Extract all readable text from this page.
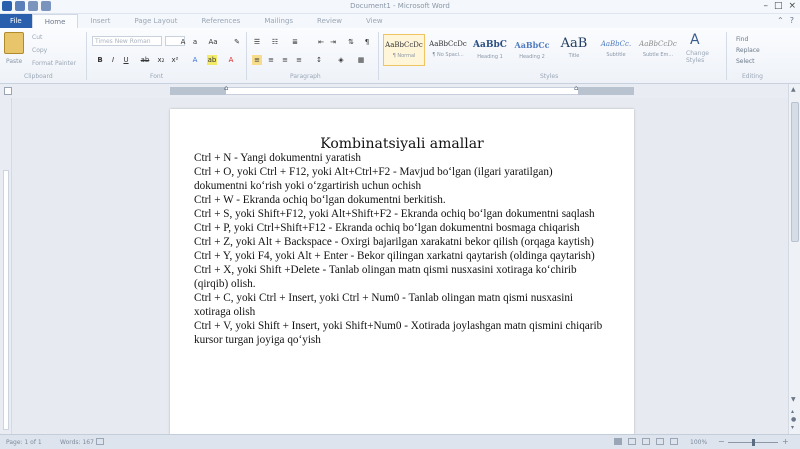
Document1 - Microsoft Word	– □ ×
File	Home	Insert	Page Layout	References	Mailings	Review	View	⌃ ?
Paste
Cut
Copy
Format Painter
Clipboard
Times New Roman	A	a	Aa ✎
B	I	U	ab x₂ x²	A	ab	A
Font
☰ ☷ ≣	⇤ ⇥ ⇅	¶
≡ ≡ ≡ ≡ ↕	◈	▦
Paragraph
AaBbCcDc
¶ Normal
AaBbCcDc
¶ No Spaci...
AaBbC
Heading 1
AaBbCc
Heading 2
AaB
Title
AaBbCc.
Subtitle
AaBbCcDc
Subtle Em...
A
Change Styles
Styles
Find
Replace
Select
Editing
⌂	⌂
Kombinatsiyali amallar
Ctrl + N - Yangi dokumentni yaratish
Ctrl + O, yoki Ctrl + F12, yoki Alt+Ctrl+F2 - Mavjud bo‘lgan (ilgari yaratilgan) dokumentni ko‘rish yoki o‘zgartirish uchun ochish
Ctrl + W - Ekranda ochiq bo‘lgan dokumentni berkitish.
Ctrl + S, yoki Shift+F12, yoki Alt+Shift+F2 - Ekranda ochiq bo‘lgan dokumentni saqlash
Ctrl + P, yoki Ctrl+Shift+F12 - Ekranda ochiq bo‘lgan dokumentni bosmaga chiqarish
Ctrl + Z, yoki Alt + Backspace - Oxirgi bajarilgan xarakatni bekor qilish (orqaga kaytish)
Ctrl + Y, yoki F4, yoki Alt + Enter - Bekor qilingan xarkatni qaytarish (oldinga qaytarish)
Ctrl + X, yoki Shift +Delete - Tanlab olingan matn qismi nusxasini xotiraga ko‘chirib (qirqib) olish.
Ctrl + C, yoki Ctrl + Insert, yoki Ctrl + Num0 - Tanlab olingan matn qismi nusxasini xotiraga olish
Ctrl + V, yoki Shift + Insert, yoki Shift+Num0 - Xotirada joylashgan matn qismini chiqarib kursor turgan joyiga qo‘yish
▲
▼
▴
●
▾
Page: 1 of 1	Words: 167	100% −	+
